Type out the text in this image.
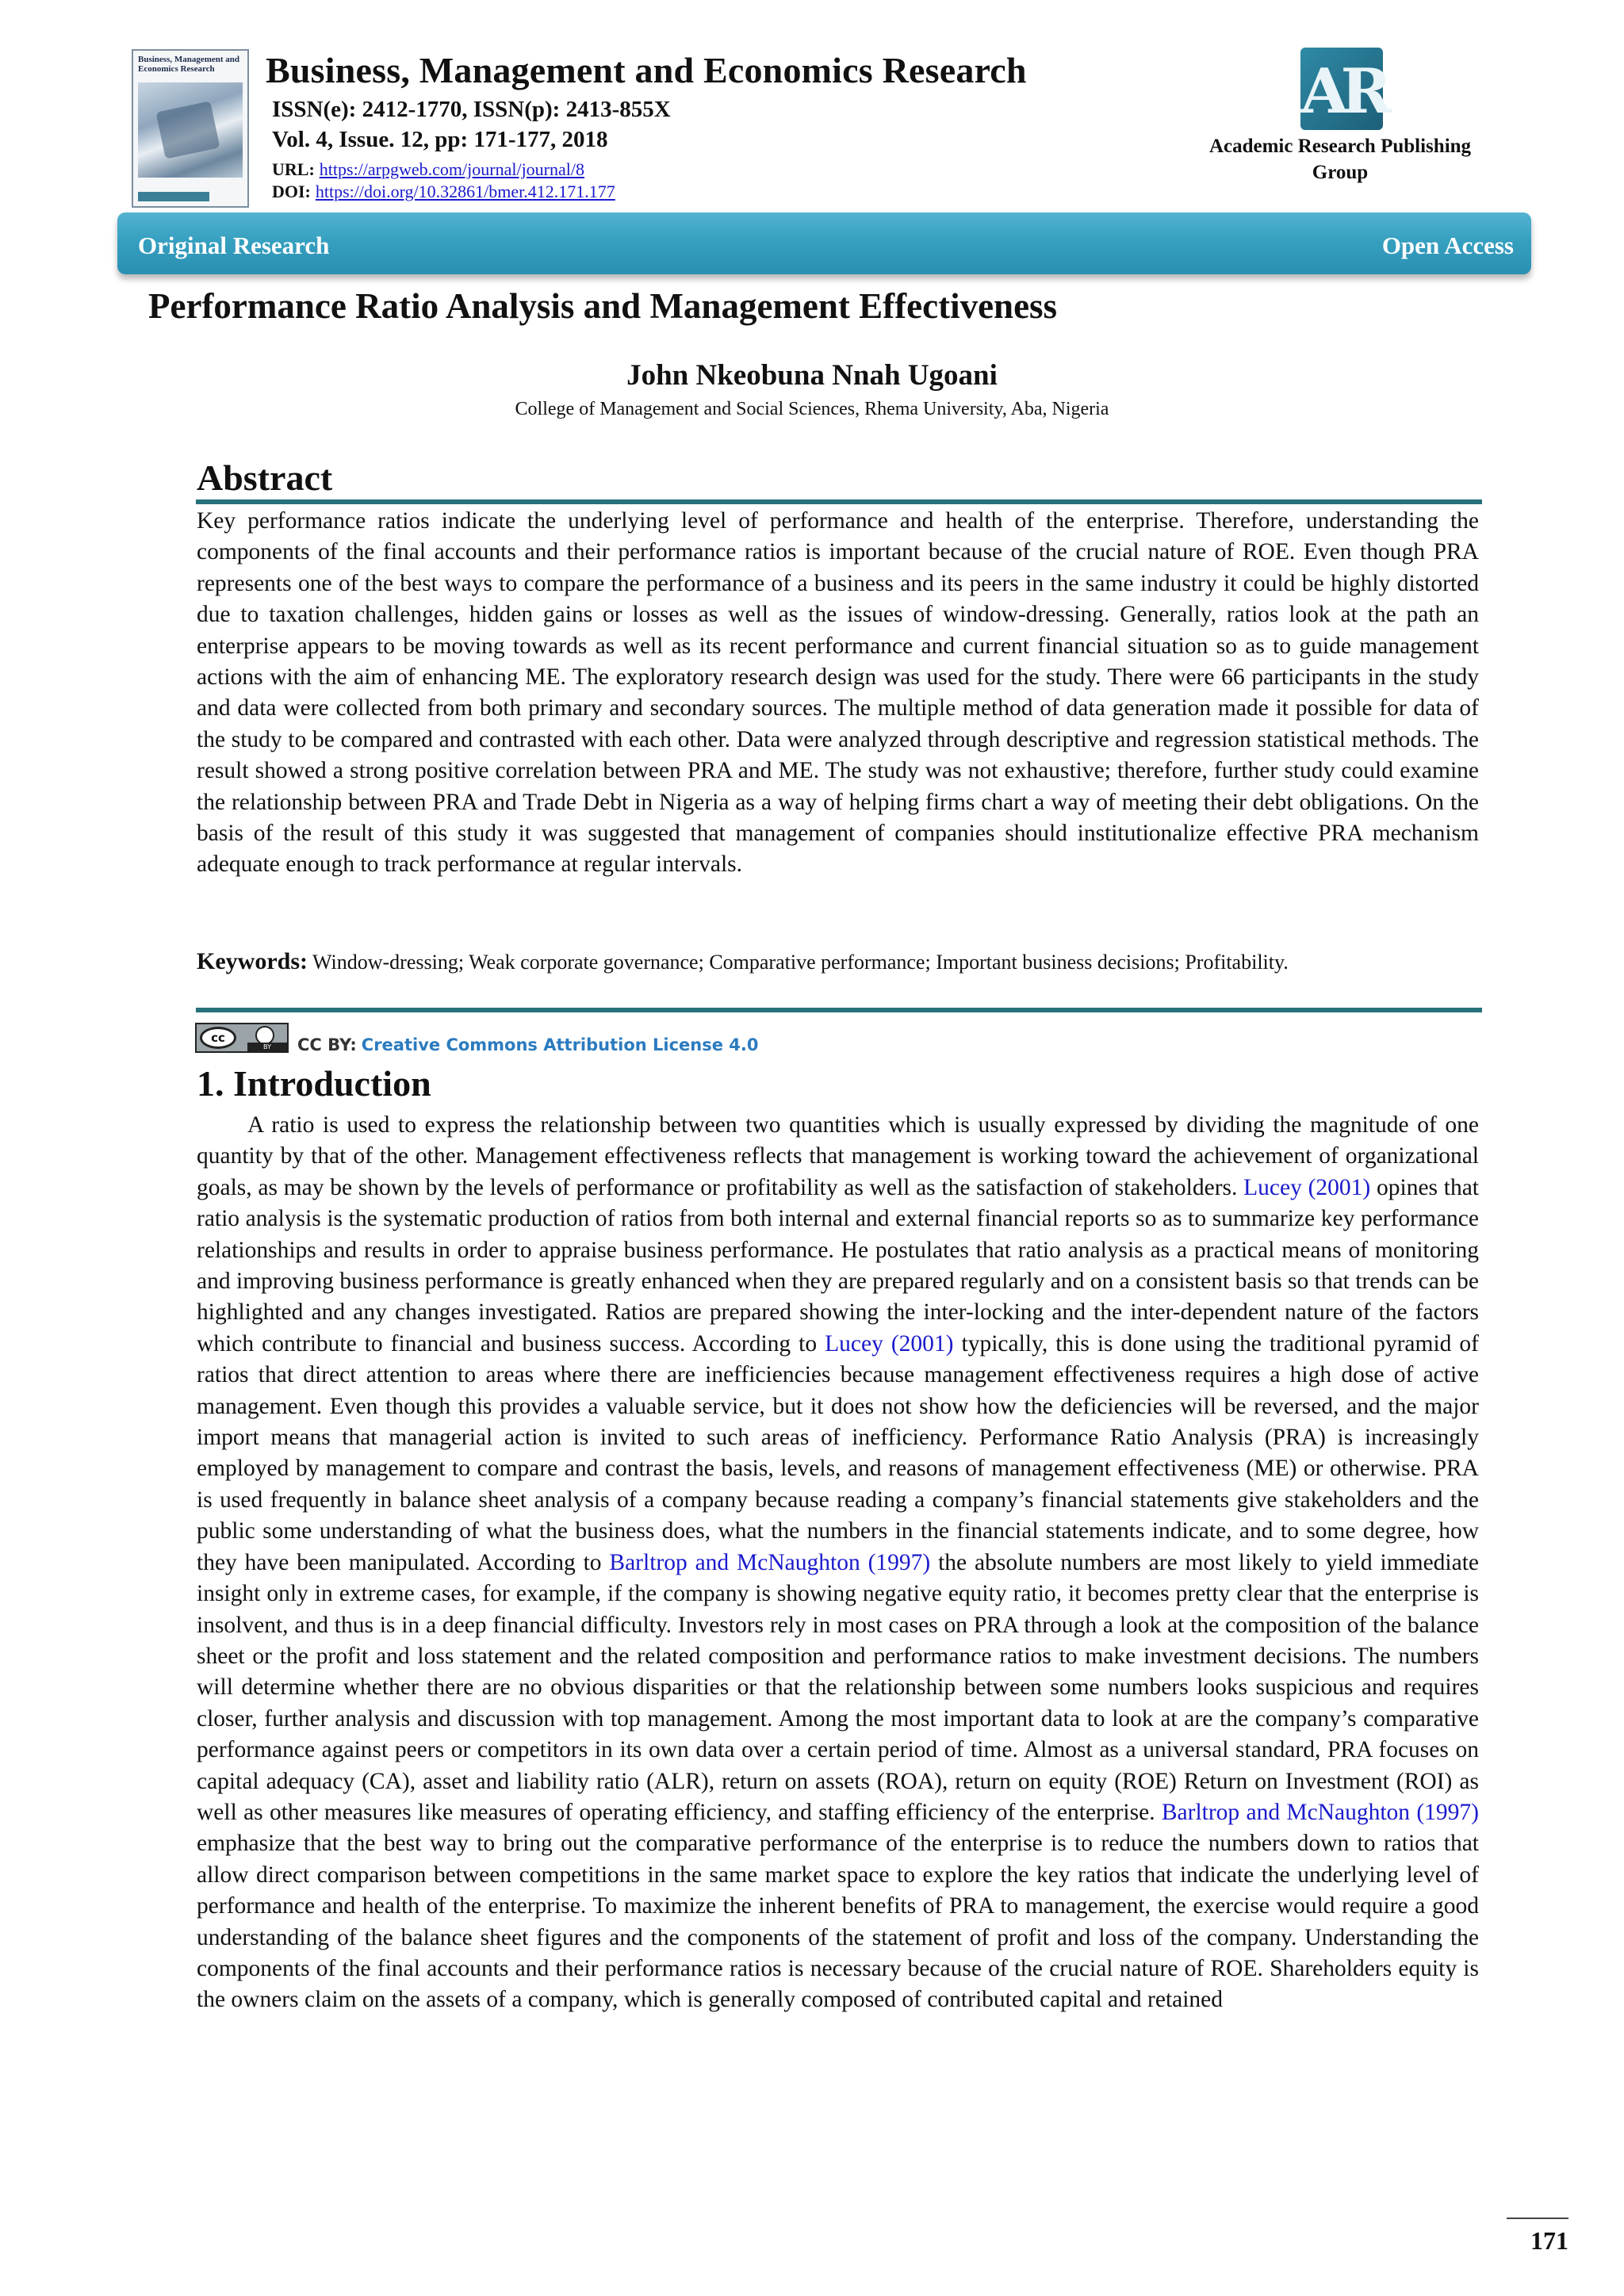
Business, Management and Economics Research	Business, Management and Economics Research
ISSN(e): 2412-1770, ISSN(p): 2413-855X
Vol. 4, Issue. 12, pp: 171-177, 2018
URL: https://arpgweb.com/journal/journal/8
DOI: https://doi.org/10.32861/bmer.412.171.177
AR
Academic Research Publishing Group
Original Research	Open Access
Performance Ratio Analysis and Management Effectiveness
John Nkeobuna Nnah Ugoani
College of Management and Social Sciences, Rhema University, Aba, Nigeria
Abstract
Key performance ratios indicate the underlying level of performance and health of the enterprise. Therefore, understanding the components of the final accounts and their performance ratios is important because of the crucial nature of ROE. Even though PRA represents one of the best ways to compare the performance of a business and its peers in the same industry it could be highly distorted due to taxation challenges, hidden gains or losses as well as the issues of window-dressing. Generally, ratios look at the path an enterprise appears to be moving towards as well as its recent performance and current financial situation so as to guide management actions with the aim of enhancing ME. The exploratory research design was used for the study. There were 66 participants in the study and data were collected from both primary and secondary sources. The multiple method of data generation made it possible for data of the study to be compared and contrasted with each other. Data were analyzed through descriptive and regression statistical methods. The result showed a strong positive correlation between PRA and ME. The study was not exhaustive; therefore, further study could examine the relationship between PRA and Trade Debt in Nigeria as a way of helping firms chart a way of meeting their debt obligations. On the basis of the result of this study it was suggested that management of companies should institutionalize effective PRA mechanism adequate enough to track performance at regular intervals.
Keywords: Window-dressing; Weak corporate governance; Comparative performance; Important business decisions; Profitability.
cc
BY	CC BY: Creative Commons Attribution License 4.0
1. Introduction

A ratio is used to express the relationship between two quantities which is usually expressed by dividing the magnitude of one quantity by that of the other. Management effectiveness reflects that management is working toward the achievement of organizational goals, as may be shown by the levels of performance or profitability as well as the satisfaction of stakeholders. Lucey (2001) opines that ratio analysis is the systematic production of ratios from both internal and external financial reports so as to summarize key performance relationships and results in order to appraise business performance. He postulates that ratio analysis as a practical means of monitoring and improving business performance is greatly enhanced when they are prepared regularly and on a consistent basis so that trends can be highlighted and any changes investigated. Ratios are prepared showing the inter-locking and the inter-dependent nature of the factors which contribute to financial and business success. According to Lucey (2001) typically, this is done using the traditional pyramid of ratios that direct attention to areas where there are inefficiencies because management effectiveness requires a high dose of active management. Even though this provides a valuable service, but it does not show how the deficiencies will be reversed, and the major import means that managerial action is invited to such areas of inefficiency. Performance Ratio Analysis (PRA) is increasingly employed by management to compare and contrast the basis, levels, and reasons of management effectiveness (ME) or otherwise. PRA is used frequently in balance sheet analysis of a company because reading a company’s financial statements give stakeholders and the public some understanding of what the business does, what the numbers in the financial statements indicate, and to some degree, how they have been manipulated. According to Barltrop and McNaughton (1997) the absolute numbers are most likely to yield immediate insight only in extreme cases, for example, if the company is showing negative equity ratio, it becomes pretty clear that the enterprise is insolvent, and thus is in a deep financial difficulty. Investors rely in most cases on PRA through a look at the composition of the balance sheet or the profit and loss statement and the related composition and performance ratios to make investment decisions. The numbers will determine whether there are no obvious disparities or that the relationship between some numbers looks suspicious and requires closer, further analysis and discussion with top management. Among the most important data to look at are the company’s comparative performance against peers or competitors in its own data over a certain period of time. Almost as a universal standard, PRA focuses on capital adequacy (CA), asset and liability ratio (ALR), return on assets (ROA), return on equity (ROE) Return on Investment (ROI) as well as other measures like measures of operating efficiency, and staffing efficiency of the enterprise. Barltrop and McNaughton (1997) emphasize that the best way to bring out the comparative performance of the enterprise is to reduce the numbers down to ratios that allow direct comparison between competitions in the same market space to explore the key ratios that indicate the underlying level of performance and health of the enterprise. To maximize the inherent benefits of PRA to management, the exercise would require a good understanding of the balance sheet figures and the components of the statement of profit and loss of the company. Understanding the components of the final accounts and their performance ratios is necessary because of the crucial nature of ROE. Shareholders equity is the owners claim on the assets of a company, which is generally composed of contributed capital and retained

171
